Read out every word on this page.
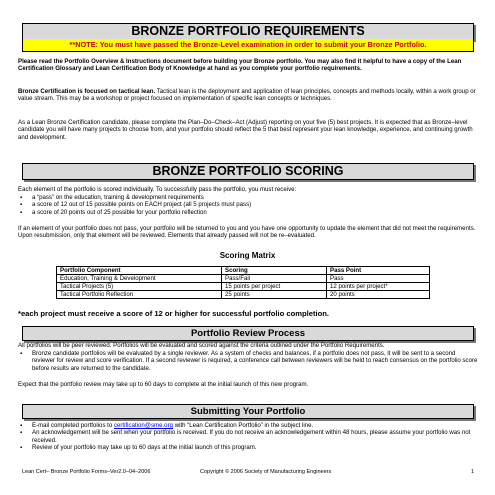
BRONZE PORTFOLIO REQUIREMENTS
**NOTE: You must have passed the Bronze-Level examination in order to submit your Bronze Portfolio.
Please read the Portfolio Overview & Instructions document before building your Bronze portfolio. You may also find it helpful to have a copy of the Lean Certification Glossary and Lean Certification Body of Knowledge at hand as you complete your portfolio requirements.
Bronze Certification is focused on tactical lean. Tactical lean is the deployment and application of lean principles, concepts and methods locally, within a work group or value stream. This may be a workshop or project focused on implementation of specific lean concepts or techniques.
As a Lean Bronze Certification candidate, please complete the Plan–Do–Check–Act (Adjust) reporting on your five (5) best projects. It is expected that as Bronze–level candidate you will have many projects to choose from, and your portfolio should reflect the 5 that best represent your lean knowledge, experience, and continuing growth and development.
BRONZE PORTFOLIO SCORING
Each element of the portfolio is scored individually. To successfully pass the portfolio, you must receive:
▪ a “pass” on the education, training & development requirements
▪ a score of 12 out of 15 possible points on EACH project (all 5 projects must pass)
▪ a score of 20 points out of 25 possible for your portfolio reflection
If an element of your portfolio does not pass, your portfolio will be returned to you and you have one opportunity to update the element that did not meet the requirements. Upon resubmission, only that element will be reviewed. Elements that already passed will not be re–evaluated.
Scoring Matrix
Portfolio Component	Scoring	Pass Point
Education, Training & Development	Pass/Fail	Pass
Tactical Projects (5)	15 points per project	12 points per project*
Tactical Portfolio Reflection	25 points	20 points
*each project must receive a score of 12 or higher for successful portfolio completion.
Portfolio Review Process
All portfolios will be peer reviewed. Portfolios will be evaluated and scored against the criteria outlined under the Portfolio Requirements.
▪ Bronze candidate portfolios will be evaluated by a single reviewer. As a system of checks and balances, if a portfolio does not pass, it will be sent to a second reviewer for review and score verification. If a second reviewer is required, a conference call between reviewers will be held to reach consensus on the portfolio score before results are returned to the candidate.
Expect that the portfolio review may take up to 60 days to complete at the initial launch of this new program.
Submitting Your Portfolio
▪ E-mail completed portfolios to certification@sme.org with “Lean Certification Portfolio” in the subject line.
▪ An acknowledgement will be sent when your portfolio is received. If you do not receive an acknowledgement within 48 hours, please assume your portfolio was not received.
▪ Review of your portfolio may take up to 60 days at the initial launch of this program.
Lean Cert– Bronze Portfolio Forms–Ver2.0–04–2006	Copyright © 2006 Society of Manufacturing Engineers	1
